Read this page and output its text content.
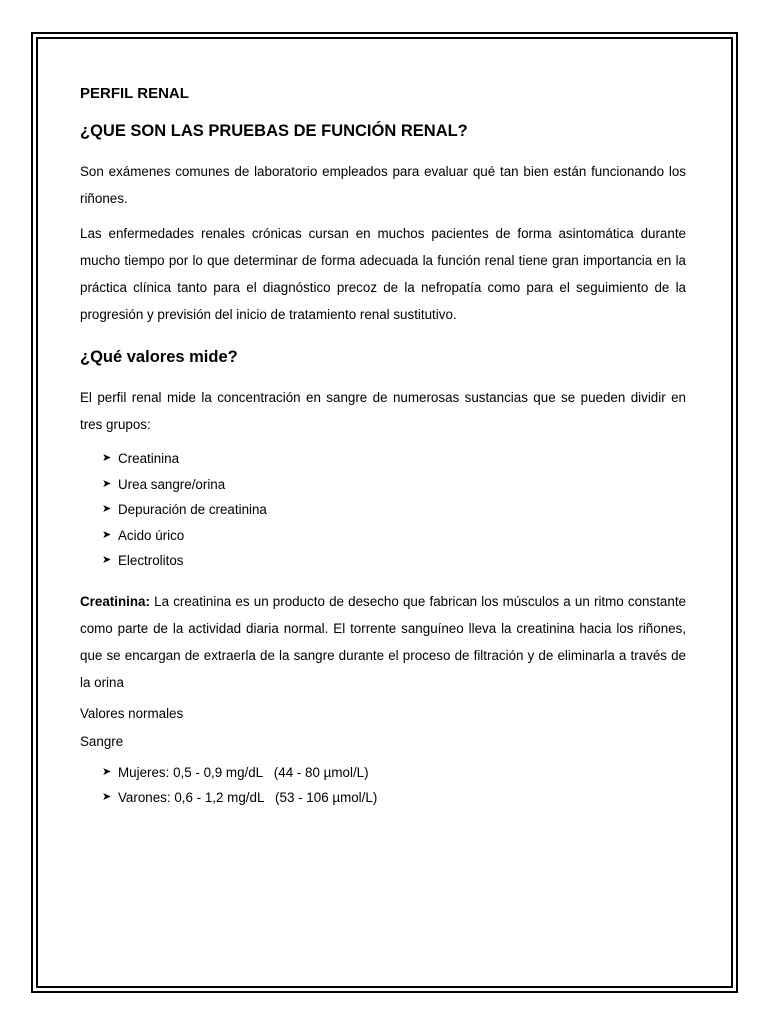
PERFIL RENAL
¿QUE SON LAS PRUEBAS DE FUNCIÓN RENAL?

Son exámenes comunes de laboratorio empleados para evaluar qué tan bien están funcionando los riñones.

Las enfermedades renales crónicas cursan en muchos pacientes de forma asintomática durante mucho tiempo por lo que determinar de forma adecuada la función renal tiene gran importancia en la práctica clínica tanto para el diagnóstico precoz de la nefropatía como para el seguimiento de la progresión y previsión del inicio de tratamiento renal sustitutivo.

¿Qué valores mide?

El perfil renal mide la concentración en sangre de numerosas sustancias que se pueden dividir en tres grupos:

➤ Creatinina
➤ Urea sangre/orina
➤ Depuración de creatinina
➤ Acido úrico
➤ Electrolitos

Creatinina: La creatinina es un producto de desecho que fabrican los músculos a un ritmo constante como parte de la actividad diaria normal. El torrente sanguíneo lleva la creatinina hacia los riñones, que se encargan de extraerla de la sangre durante el proceso de filtración y de eliminarla a través de la orina

Valores normales

Sangre

➤ Mujeres: 0,5 - 0,9 mg/dL   (44 - 80 µmol/L)
➤ Varones: 0,6 - 1,2 mg/dL   (53 - 106 µmol/L)
